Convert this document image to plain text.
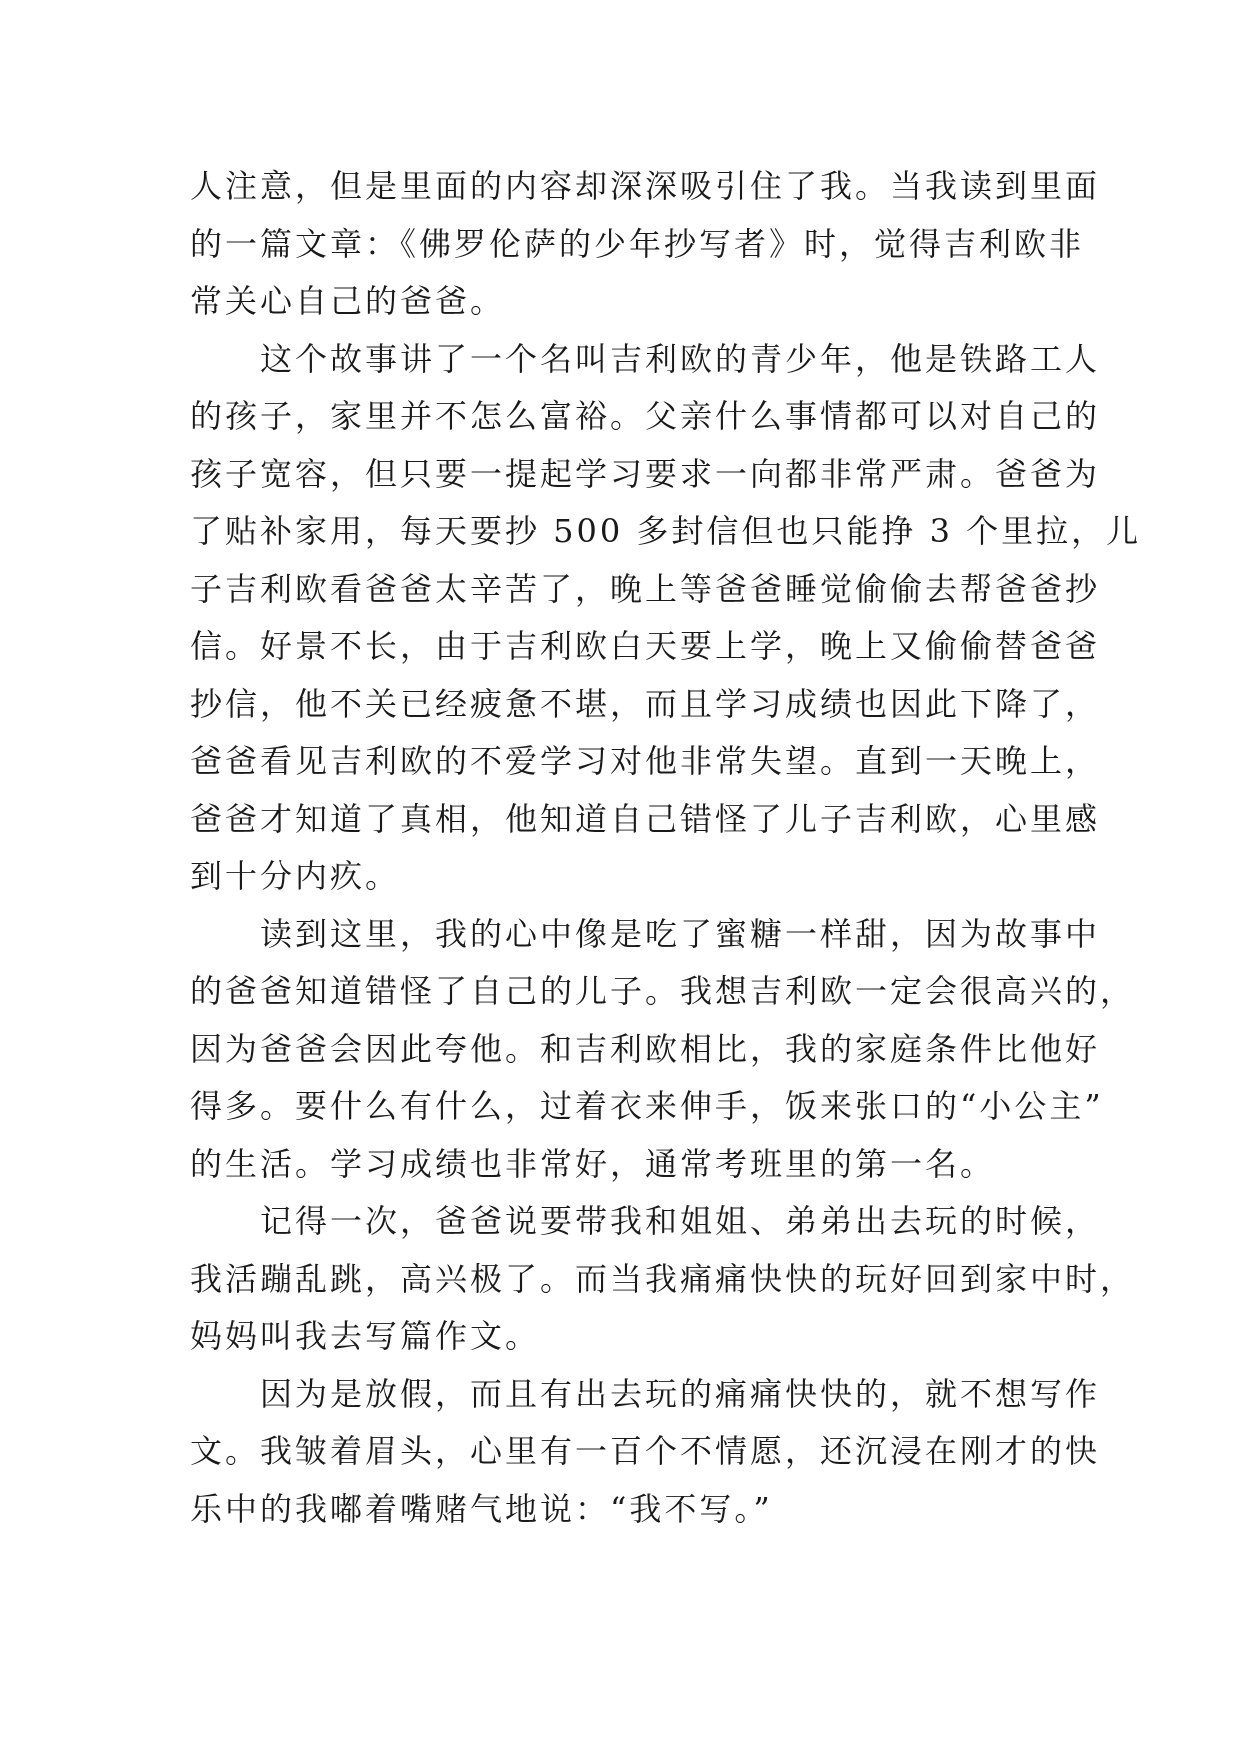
人注意，但是里面的内容却深深吸引住了我。当我读到里面
的一篇文章：《佛罗伦萨的少年抄写者》时，觉得吉利欧非
常关心自己的爸爸。
这个故事讲了一个名叫吉利欧的青少年，他是铁路工人
的孩子，家里并不怎么富裕。父亲什么事情都可以对自己的
孩子宽容，但只要一提起学习要求一向都非常严肃。爸爸为
了贴补家用，每天要抄 500 多封信但也只能挣 3 个里拉，儿
子吉利欧看爸爸太辛苦了，晚上等爸爸睡觉偷偷去帮爸爸抄
信。好景不长，由于吉利欧白天要上学，晚上又偷偷替爸爸
抄信，他不关已经疲惫不堪，而且学习成绩也因此下降了，
爸爸看见吉利欧的不爱学习对他非常失望。直到一天晚上，
爸爸才知道了真相，他知道自己错怪了儿子吉利欧，心里感
到十分内疚。
读到这里，我的心中像是吃了蜜糖一样甜，因为故事中
的爸爸知道错怪了自己的儿子。我想吉利欧一定会很高兴的，
因为爸爸会因此夸他。和吉利欧相比，我的家庭条件比他好
得多。要什么有什么，过着衣来伸手，饭来张口的“小公主”
的生活。学习成绩也非常好，通常考班里的第一名。
记得一次，爸爸说要带我和姐姐、弟弟出去玩的时候，
我活蹦乱跳，高兴极了。而当我痛痛快快的玩好回到家中时，
妈妈叫我去写篇作文。
因为是放假，而且有出去玩的痛痛快快的，就不想写作
文。我皱着眉头，心里有一百个不情愿，还沉浸在刚才的快
乐中的我嘟着嘴赌气地说：“我不写。”
